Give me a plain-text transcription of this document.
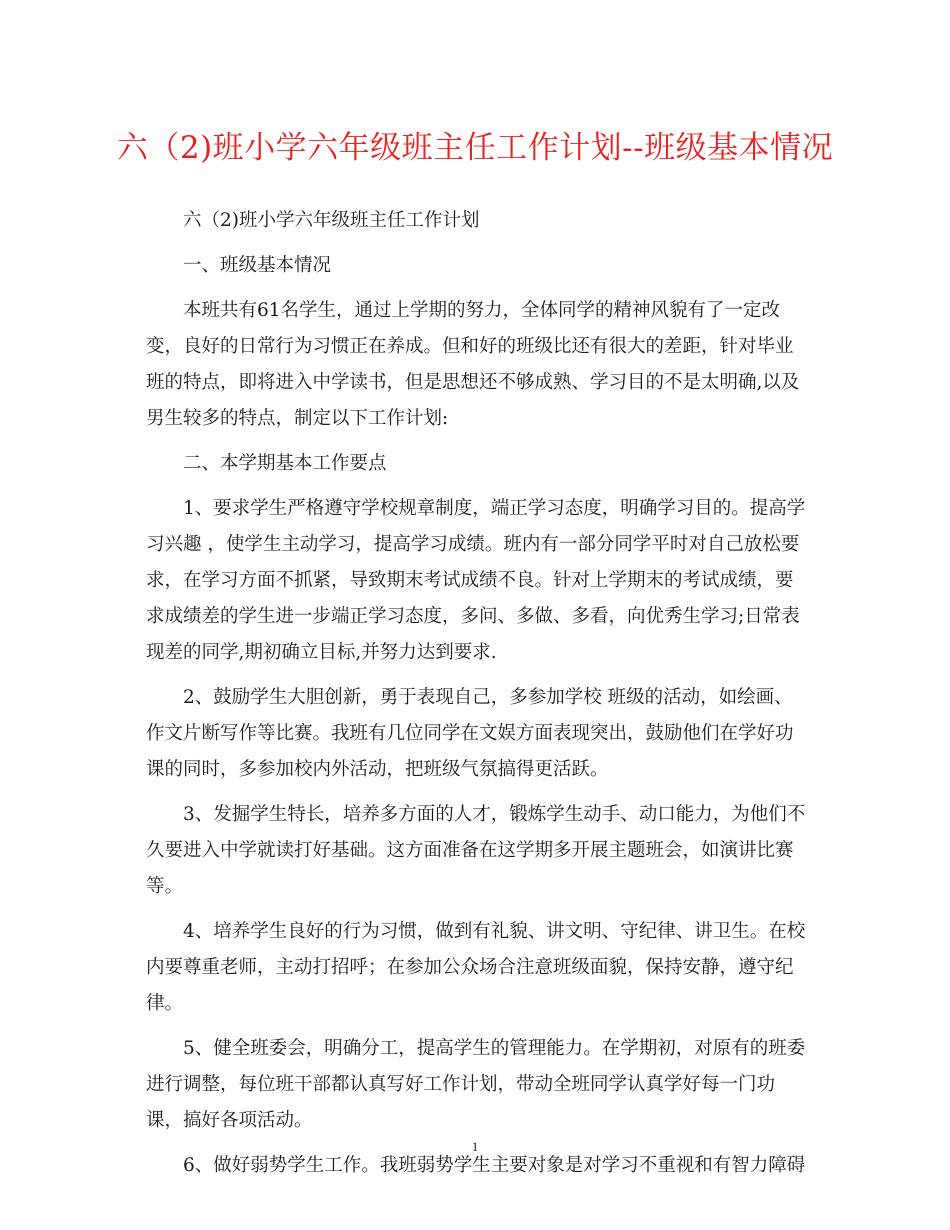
六（2)班小学六年级班主任工作计划--班级基本情况
六（2)班小学六年级班主任工作计划
一、班级基本情况
本班共有61名学生，通过上学期的努力，全体同学的精神风貌有了一定改
变，良好的日常行为习惯正在养成。但和好的班级比还有很大的差距，针对毕业
班的特点，即将进入中学读书，但是思想还不够成熟、学习目的不是太明确,以及
男生较多的特点，制定以下工作计划:
二、本学期基本工作要点
1、要求学生严格遵守学校规章制度，端正学习态度，明确学习目的。提高学
习兴趣 ，使学生主动学习，提高学习成绩。班内有一部分同学平时对自己放松要
求，在学习方面不抓紧，导致期末考试成绩不良。针对上学期末的考试成绩，要
求成绩差的学生进一步端正学习态度，多问、多做、多看，向优秀生学习;日常表
现差的同学,期初确立目标,并努力达到要求.
2、鼓励学生大胆创新，勇于表现自己，多参加学校 班级的活动，如绘画、
作文片断写作等比赛。我班有几位同学在文娱方面表现突出，鼓励他们在学好功
课的同时，多参加校内外活动，把班级气氛搞得更活跃。
3、发掘学生特长，培养多方面的人才，锻炼学生动手、动口能力，为他们不
久要进入中学就读打好基础。这方面准备在这学期多开展主题班会，如演讲比赛
等。
4、培养学生良好的行为习惯，做到有礼貌、讲文明、守纪律、讲卫生。在校
内要尊重老师，主动打招呼；在参加公众场合注意班级面貌，保持安静，遵守纪
律。
5、健全班委会，明确分工，提高学生的管理能力。在学期初，对原有的班委
进行调整，每位班干部都认真写好工作计划，带动全班同学认真学好每一门功
课，搞好各项活动。
6、做好弱势学生工作。我班弱势学生主要对象是对学习不重视和有智力障碍
1
